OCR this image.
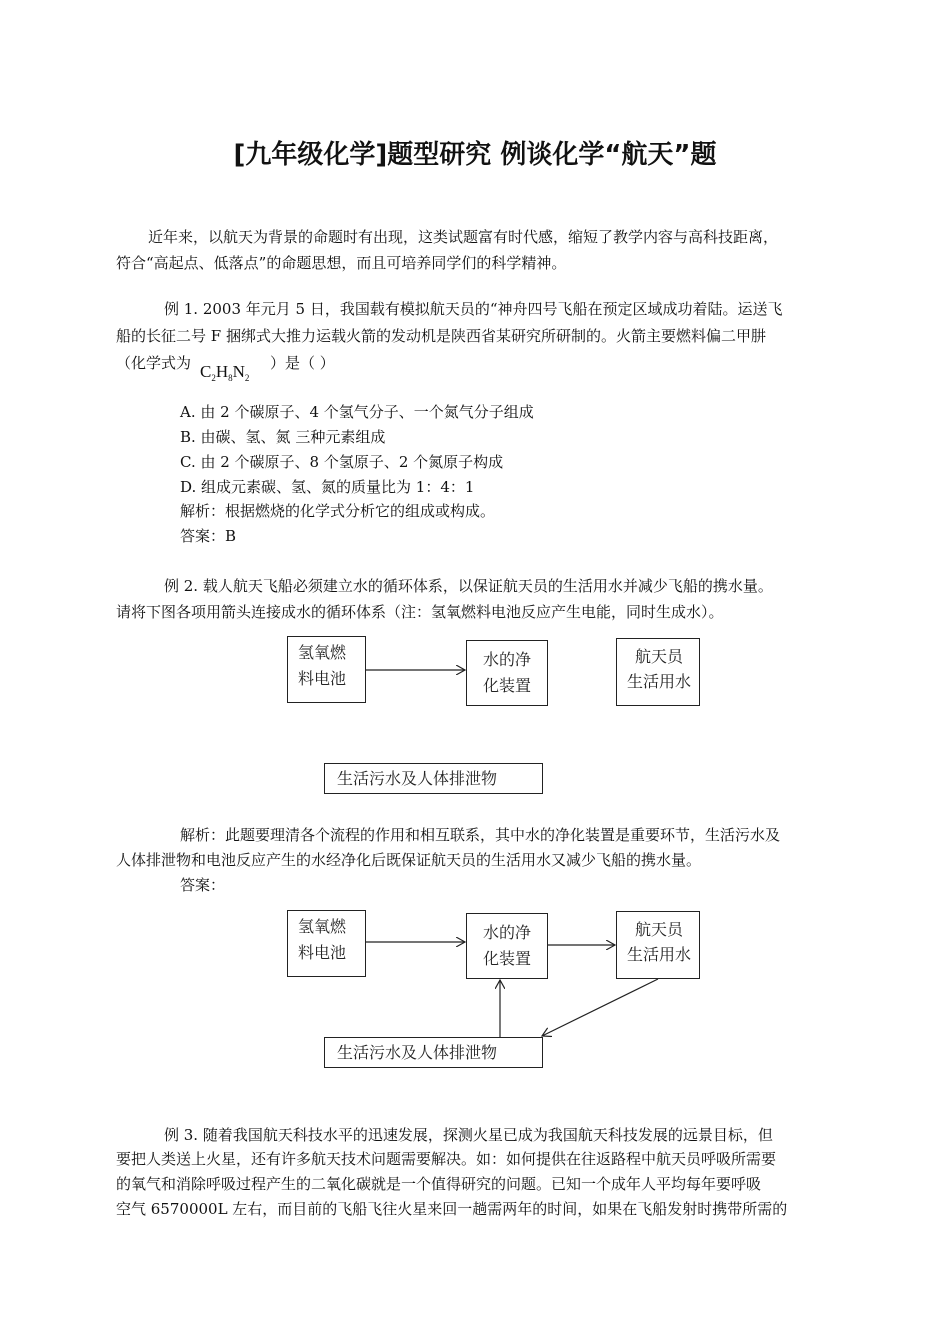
[九年级化学]题型研究 例谈化学“航天”题
近年来，以航天为背景的命题时有出现，这类试题富有时代感，缩短了教学内容与高科技距离，
符合“高起点、低落点”的命题思想，而且可培养同学们的科学精神。
例 1. 2003 年元月 5 日，我国载有模拟航天员的“神舟四号飞船在预定区域成功着陆。运送飞
船的长征二号 F 捆绑式大推力运载火箭的发动机是陕西省某研究所研制的。火箭主要燃料偏二甲肼
（化学式为 $C_2H_8N_2$
）是（ ）
A. 由 2 个碳原子、4 个氢气分子、一个氮气分子组成
B. 由碳、氢、氮 三种元素组成
C. 由 2 个碳原子、8 个氢原子、2 个氮原子构成
D. 组成元素碳、氢、氮的质量比为 1：4：1
解析：根据燃烧的化学式分析它的组成或构成。
答案：B
例 2. 载人航天飞船必须建立水的循环体系，以保证航天员的生活用水并减少飞船的携水量。
请将下图各项用箭头连接成水的循环体系（注：氢氧燃料电池反应产生电能，同时生成水）。
氢氧燃
料电池
水的净
化装置
航天员
生活用水
生活污水及人体排泄物
解析：此题要理清各个流程的作用和相互联系，其中水的净化装置是重要环节，生活污水及
人体排泄物和电池反应产生的水经净化后既保证航天员的生活用水又减少飞船的携水量。
答案：
氢氧燃
料电池
水的净
化装置
航天员
生活用水
生活污水及人体排泄物
例 3. 随着我国航天科技水平的迅速发展，探测火星已成为我国航天科技发展的远景目标，但
要把人类送上火星，还有许多航天技术问题需要解决。如：如何提供在往返路程中航天员呼吸所需要
的氧气和消除呼吸过程产生的二氧化碳就是一个值得研究的问题。已知一个成年人平均每年要呼吸
空气 6570000L 左右，而目前的飞船飞往火星来回一趟需两年的时间，如果在飞船发射时携带所需的
